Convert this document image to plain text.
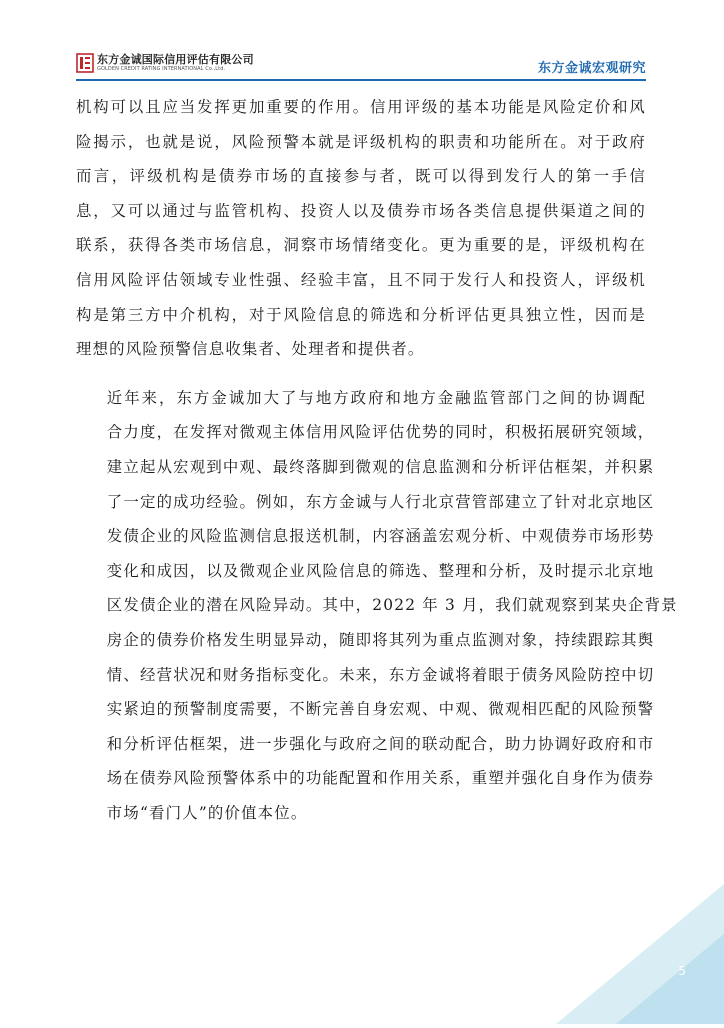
东方金诚国际信用评估有限公司
GOLDEN CREDIT RATING INTERNATIONAL Co.,Ltd.	东方金诚宏观研究

机构可以且应当发挥更加重要的作用。信用评级的基本功能是风险定价和风
险揭示，也就是说，风险预警本就是评级机构的职责和功能所在。对于政府
而言，评级机构是债券市场的直接参与者，既可以得到发行人的第一手信
息，又可以通过与监管机构、投资人以及债券市场各类信息提供渠道之间的
联系，获得各类市场信息，洞察市场情绪变化。更为重要的是，评级机构在
信用风险评估领域专业性强、经验丰富，且不同于发行人和投资人，评级机
构是第三方中介机构，对于风险信息的筛选和分析评估更具独立性，因而是
理想的风险预警信息收集者、处理者和提供者。

近年来，东方金诚加大了与地方政府和地方金融监管部门之间的协调配
合力度，在发挥对微观主体信用风险评估优势的同时，积极拓展研究领域，
建立起从宏观到中观、最终落脚到微观的信息监测和分析评估框架，并积累
了一定的成功经验。例如，东方金诚与人行北京营管部建立了针对北京地区
发债企业的风险监测信息报送机制，内容涵盖宏观分析、中观债券市场形势
变化和成因，以及微观企业风险信息的筛选、整理和分析，及时提示北京地
区发债企业的潜在风险异动。其中，2022 年 3 月，我们就观察到某央企背景
房企的债券价格发生明显异动，随即将其列为重点监测对象，持续跟踪其舆
情、经营状况和财务指标变化。未来，东方金诚将着眼于债务风险防控中切
实紧迫的预警制度需要，不断完善自身宏观、中观、微观相匹配的风险预警
和分析评估框架，进一步强化与政府之间的联动配合，助力协调好政府和市
场在债券风险预警体系中的功能配置和作用关系，重塑并强化自身作为债券
市场“看门人”的价值本位。

5
